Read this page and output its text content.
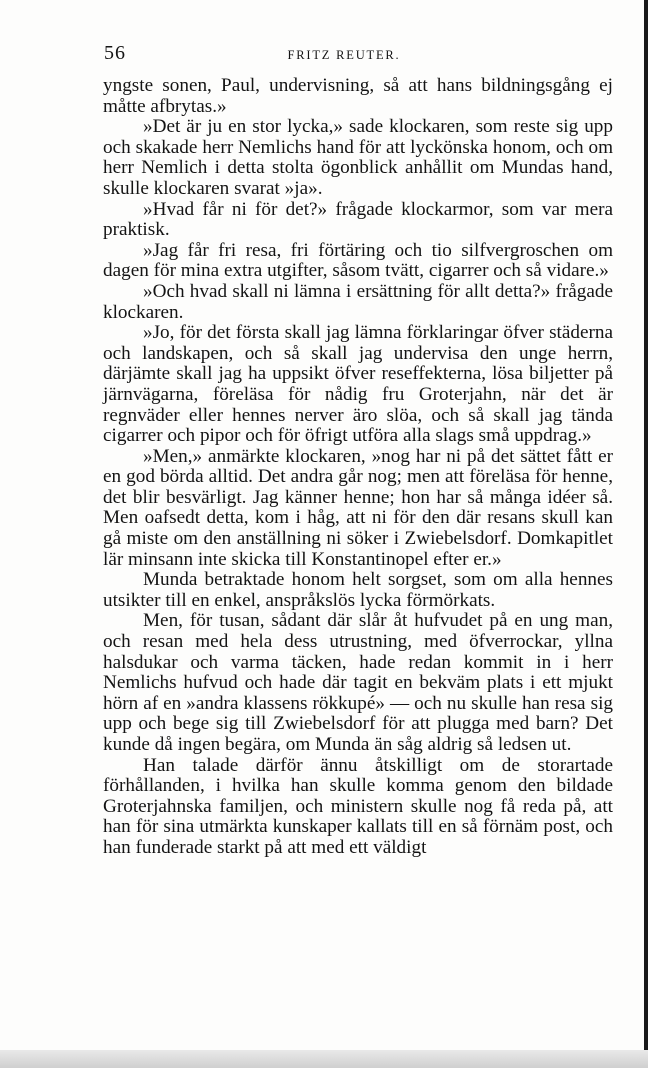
56	FRITZ REUTER.

yngste sonen, Paul, undervisning, så att hans bildningsgång ej måtte afbrytas.»

»Det är ju en stor lycka,» sade klockaren, som reste sig upp och skakade herr Nemlichs hand för att lyckönska honom, och om herr Nemlich i detta stolta ögonblick anhållit om Mundas hand, skulle klockaren svarat »ja».

»Hvad får ni för det?» frågade klockarmor, som var mera praktisk.

»Jag får fri resa, fri förtäring och tio silfvergroschen om dagen för mina extra utgifter, såsom tvätt, cigarrer och så vidare.»

»Och hvad skall ni lämna i ersättning för allt detta?» frågade klockaren.

»Jo, för det första skall jag lämna förklaringar öfver städerna och landskapen, och så skall jag undervisa den unge herrn, därjämte skall jag ha uppsikt öfver reseffekterna, lösa biljetter på järnvägarna, föreläsa för nådig fru Groterjahn, när det är regnväder eller hennes nerver äro slöa, och så skall jag tända cigarrer och pipor och för öfrigt utföra alla slags små uppdrag.»

»Men,» anmärkte klockaren, »nog har ni på det sättet fått er en god börda alltid. Det andra går nog; men att föreläsa för henne, det blir besvärligt. Jag känner henne; hon har så många idéer så. Men oafsedt detta, kom i håg, att ni för den där resans skull kan gå miste om den anställning ni söker i Zwiebelsdorf. Domkapitlet lär minsann inte skicka till Konstantinopel efter er.»

Munda betraktade honom helt sorgset, som om alla hennes utsikter till en enkel, anspråkslös lycka förmörkats.

Men, för tusan, sådant där slår åt hufvudet på en ung man, och resan med hela dess utrustning, med öfverrockar, yllna halsdukar och varma täcken, hade redan kommit in i herr Nemlichs hufvud och hade där tagit en bekväm plats i ett mjukt hörn af en »andra klassens rökkupé» — och nu skulle han resa sig upp och bege sig till Zwiebelsdorf för att plugga med barn? Det kunde då ingen begära, om Munda än såg aldrig så ledsen ut.

Han talade därför ännu åtskilligt om de storartade förhållanden, i hvilka han skulle komma genom den bildade Groterjahnska familjen, och ministern skulle nog få reda på, att han för sina utmärkta kunskaper kallats till en så förnäm post, och han funderade starkt på att med ett väldigt
